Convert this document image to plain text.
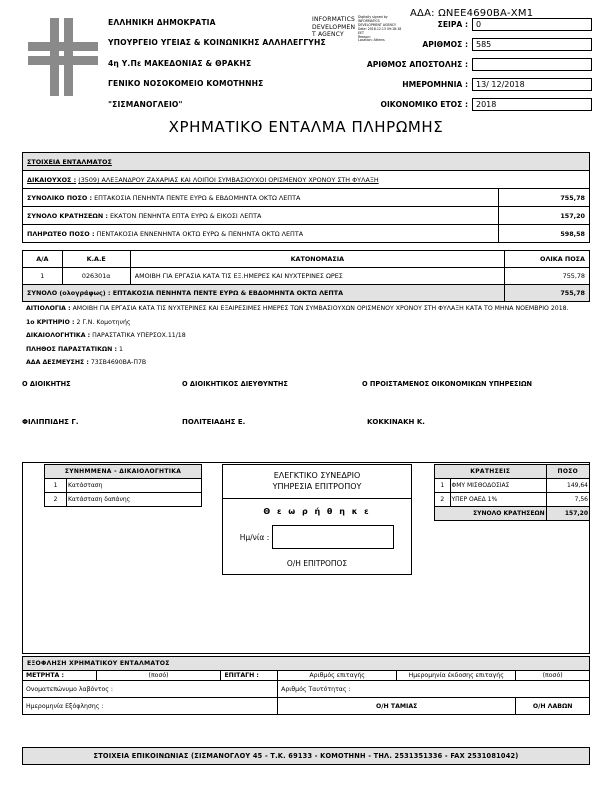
ΑΔΑ: ΩΝΕΕ4690ΒΑ-ΧΜ1
ΕΛΛΗΝΙΚΗ ΔΗΜΟΚΡΑΤΙΑ
ΥΠΟΥΡΓΕΙΟ ΥΓΕΙΑΣ & ΚΟΙΝΩΝΙΚΗΣ ΑΛΛΗΛΕΓΓΥΗΣ
4η Υ.Πε ΜΑΚΕΔΟΝΙΑΣ & ΘΡΑΚΗΣ
ΓΕΝΙΚΟ ΝΟΣΟΚΟΜΕΙΟ ΚΟΜΟΤΗΝΗΣ
"ΣΙΣΜΑΝΟΓΛΕΙΟ"
INFORMATICS
DEVELOPMEN
T AGENCY
Digitally signed by
INFORMATICS
DEVELOPMENT AGENCY
Date: 2018.12.13 09:18:18
EET
Reason:
Location: Athens
ΣΕΙΡΑ :	0
ΑΡΙΘΜΟΣ :	585
ΑΡΙΘΜΟΣ ΑΠΟΣΤΟΛΗΣ :
ΗΜΕΡΟΜΗΝΙΑ :	13/ 12/2018
ΟΙΚΟΝΟΜΙΚΟ ΕΤΟΣ :	2018
ΧΡΗΜΑΤΙΚΟ ΕΝΤΑΛΜΑ ΠΛΗΡΩΜΗΣ
ΣΤΟΙΧΕΙΑ ΕΝΤΑΛΜΑΤΟΣ	
ΔΙΚΑΙΟΥΧΟΣ : (3509) ΑΛΕΞΑΝΔΡΟΥ ΖΑΧΑΡΙΑΣ ΚΑΙ ΛΟΙΠΟΙ ΣΥΜΒΑΣΙΟΥΧΟΙ ΟΡΙΣΜΕΝΟΥ ΧΡΟΝΟΥ ΣΤΗ ΦΥΛΑΞΗ	
ΣΥΝΟΛΙΚΟ ΠΟΣΟ : ΕΠΤΑΚΟΣΙΑ ΠΕΝΗΝΤΑ ΠΕΝΤΕ ΕΥΡΩ & ΕΒΔΟΜΗΝΤΑ ΟΚΤΩ ΛΕΠΤΑ	755,78
ΣΥΝΟΛΟ ΚΡΑΤΗΣΕΩΝ : ΕΚΑΤΟΝ ΠΕΝΗΝΤΑ ΕΠΤΑ ΕΥΡΩ & ΕΙΚΟΣΙ ΛΕΠΤΑ	157,20
ΠΛΗΡΩΤΕΟ ΠΟΣΟ : ΠΕΝΤΑΚΟΣΙΑ ΕΝΝΕΝΗΝΤΑ ΟΚΤΩ ΕΥΡΩ & ΠΕΝΗΝΤΑ ΟΚΤΩ ΛΕΠΤΑ	598,58
Α/Α	Κ.Α.Ε	ΚΑΤΟΝΟΜΑΣΙΑ	ΟΛΙΚΑ ΠΟΣΑ
1	026301α	ΑΜΟΙΒΗ ΓΙΑ ΕΡΓΑΣΙΑ ΚΑΤΑ ΤΙΣ ΕΞ.ΗΜΕΡΕΣ ΚΑΙ ΝΥΧΤΕΡΙΝΕΣ ΩΡΕΣ	755,78
ΣΥΝΟΛΟ (ολογράφως) : ΕΠΤΑΚΟΣΙΑ ΠΕΝΗΝΤΑ ΠΕΝΤΕ ΕΥΡΩ & ΕΒΔΟΜΗΝΤΑ ΟΚΤΩ ΛΕΠΤΑ			755,78

ΑΙΤΙΟΛΟΓΙΑ : ΑΜΟΙΒΗ ΓΙΑ ΕΡΓΑΣΙΑ ΚΑΤΑ ΤΙΣ ΝΥΧΤΕΡΙΝΕΣ ΚΑΙ ΕΞΑΙΡΕΣΙΜΕΣ ΗΜΕΡΕΣ ΤΩΝ ΣΥΜΒΑΣΙΟΥΧΩΝ ΟΡΙΣΜΕΝΟΥ ΧΡΟΝΟΥ ΣΤΗ ΦΥΛΑΞΗ ΚΑΤΑ ΤΟ ΜΗΝΑ ΝΟΕΜΒΡΙΟ 2018.

1ο ΚΡΙΤΗΡΙΟ : 2 Γ.Ν. Κομοτηνής

ΔΙΚΑΙΟΛΟΓΗΤΙΚΑ : ΠΑΡΑΣΤΑΤΙΚΑ ΥΠΕΡΣΟΧ.11/18

ΠΛΗΘΟΣ ΠΑΡΑΣΤΑΤΙΚΩΝ : 1

ΑΔΑ ΔΕΣΜΕΥΣΗΣ : 73ΣΒ4690ΒΑ-Π7Β

Ο ΔΙΟΙΚΗΤΗΣ	Ο ΔΙΟΙΚΗΤΙΚΟΣ ΔΙΕΥΘΥΝΤΗΣ	Ο ΠΡΟΙΣΤΑΜΕΝΟΣ ΟΙΚΟΝΟΜΙΚΩΝ ΥΠΗΡΕΣΙΩΝ
ΦΙΛΙΠΠΙΔΗΣ Γ.	ΠΟΛΙΤΕΙΑΔΗΣ Ε.	ΚΟΚΚΙΝΑΚΗ Κ.
ΣΥΝΗΜΜΕΝΑ - ΔΙΚΑΙΟΛΟΓΗΤΙΚΑ	
1	Κατάσταση
2	Κατάσταση δαπάνης
ΕΛΕΓΚΤΙΚΟ ΣΥΝΕΔΡΙΟ
ΥΠΗΡΕΣΙΑ ΕΠΙΤΡΟΠΟΥ
Θ ε ω ρ ή θ η κ ε
Ημ/νία :
Ο/Η ΕΠΙΤΡΟΠΟΣ
ΚΡΑΤΗΣΕΙΣ		ΠΟΣΟ
1	ΦΜΥ ΜΙΣΘΟΔΟΣΙΑΣ	149,64
2	ΥΠΕΡ ΟΑΕΔ 1%	7,56
ΣΥΝΟΛΟ ΚΡΑΤΗΣΕΩΝ		157,20
ΕΞΟΦΛΗΣΗ ΧΡΗΜΑΤΙΚΟΥ ΕΝΤΑΛΜΑΤΟΣ					
ΜΕΤΡΗΤΑ :	(ποσό)	ΕΠΙΤΑΓΗ :	Αριθμός επιταγής	Ημερομηνία έκδοσης επιταγής	(ποσό)
Ονοματεπώνυμο λαβόντος :			Αριθμός Ταυτότητας :		
Ημερομηνία Εξόφλησης :			Ο/Η ΤΑΜΙΑΣ		Ο/Η ΛΑΒΩΝ
ΣΤΟΙΧΕΙΑ ΕΠΙΚΟΙΝΩΝΙΑΣ (ΣΙΣΜΑΝΟΓΛΟΥ 45 - Τ.Κ. 69133 - ΚΟΜΟΤΗΝΗ - ΤΗΛ. 2531351336 - FAX 2531081042)
